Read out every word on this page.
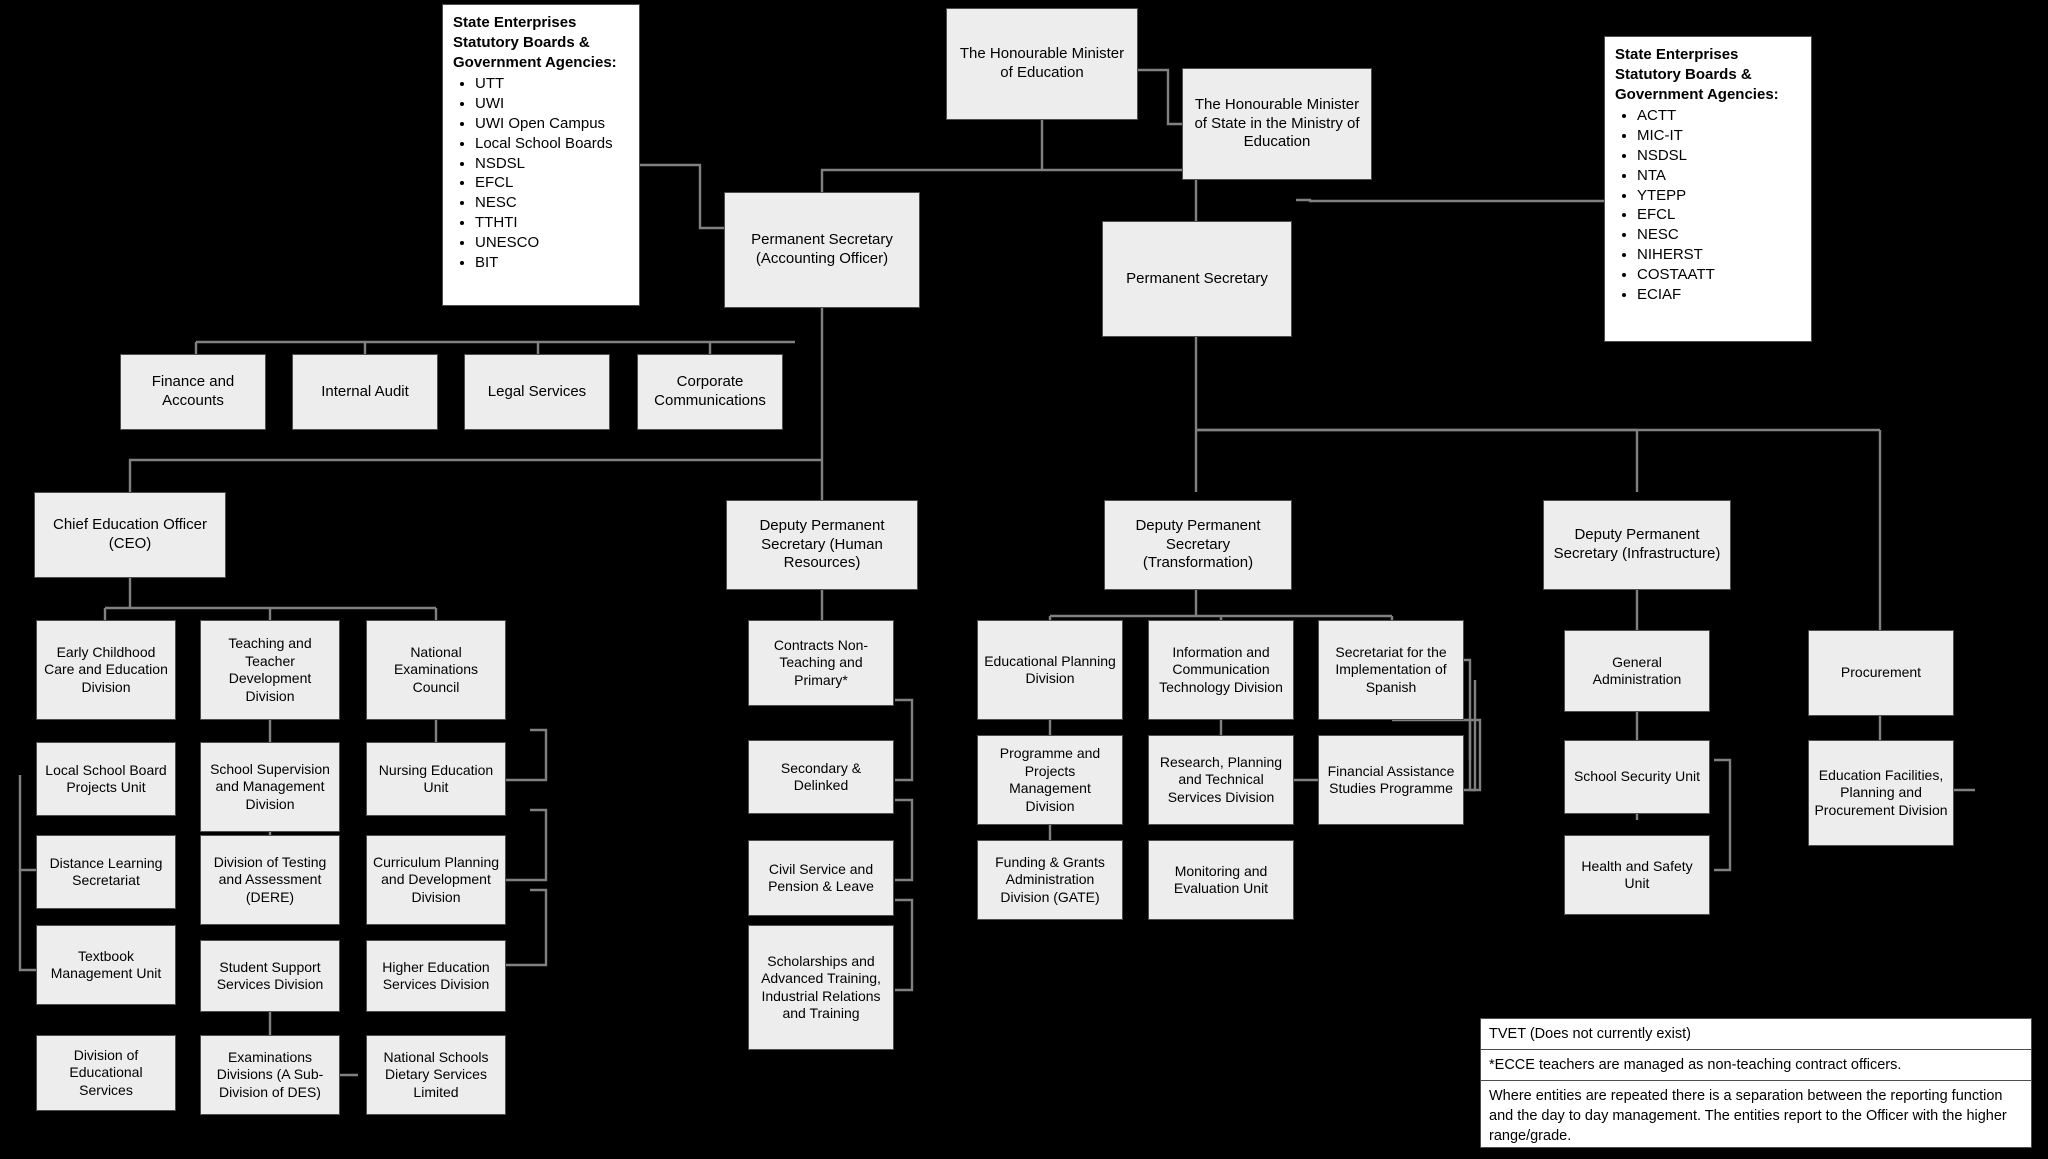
State Enterprises
Statutory Boards &
Government Agencies:
• UTT
• UWI
• UWI Open Campus
• Local School Boards
• NSDSL
• EFCL
• NESC
• TTHTI
• UNESCO
• BIT
State Enterprises
Statutory Boards &
Government Agencies:
• ACTT
• MIC-IT
• NSDSL
• NTA
• YTEPP
• EFCL
• NESC
• NIHERST
• COSTAATT
• ECIAF
The Honourable Minister of Education
The Honourable Minister of State in the Ministry of Education
Permanent Secretary (Accounting Officer)
Permanent Secretary
Finance and Accounts
Internal Audit	Legal Services
Corporate Communications
Chief Education Officer (CEO)
Deputy Permanent Secretary (Human Resources)
Deputy Permanent Secretary (Transformation)
Deputy Permanent Secretary (Infrastructure)
Early Childhood Care and Education Division
Local School Board Projects Unit
Distance Learning Secretariat
Textbook Management Unit
Division of Educational Services
Teaching and Teacher Development Division
School Supervision and Management Division
Division of Testing and Assessment (DERE)
Student Support Services Division
Examinations Divisions (A Sub-Division of DES)
National Examinations Council
Nursing Education Unit
Curriculum Planning and Development Division
Higher Education Services Division
National Schools Dietary Services Limited
Contracts Non-Teaching and Primary*
Secondary & Delinked
Civil Service and Pension & Leave
Scholarships and Advanced Training, Industrial Relations and Training
Educational Planning Division
Information and Communication Technology Division
Secretariat for the Implementation of Spanish
Programme and Projects Management Division
Research, Planning and Technical Services Division
Financial Assistance Studies Programme
Funding & Grants Administration Division (GATE)
Monitoring and Evaluation Unit
General Administration
School Security Unit
Health and Safety Unit
Procurement
Education Facilities, Planning and Procurement Division
TVET (Does not currently exist)
*ECCE teachers are managed as non-teaching contract officers.
Where entities are repeated there is a separation between the reporting function and the day to day management. The entities report to the Officer with the higher range/grade.
